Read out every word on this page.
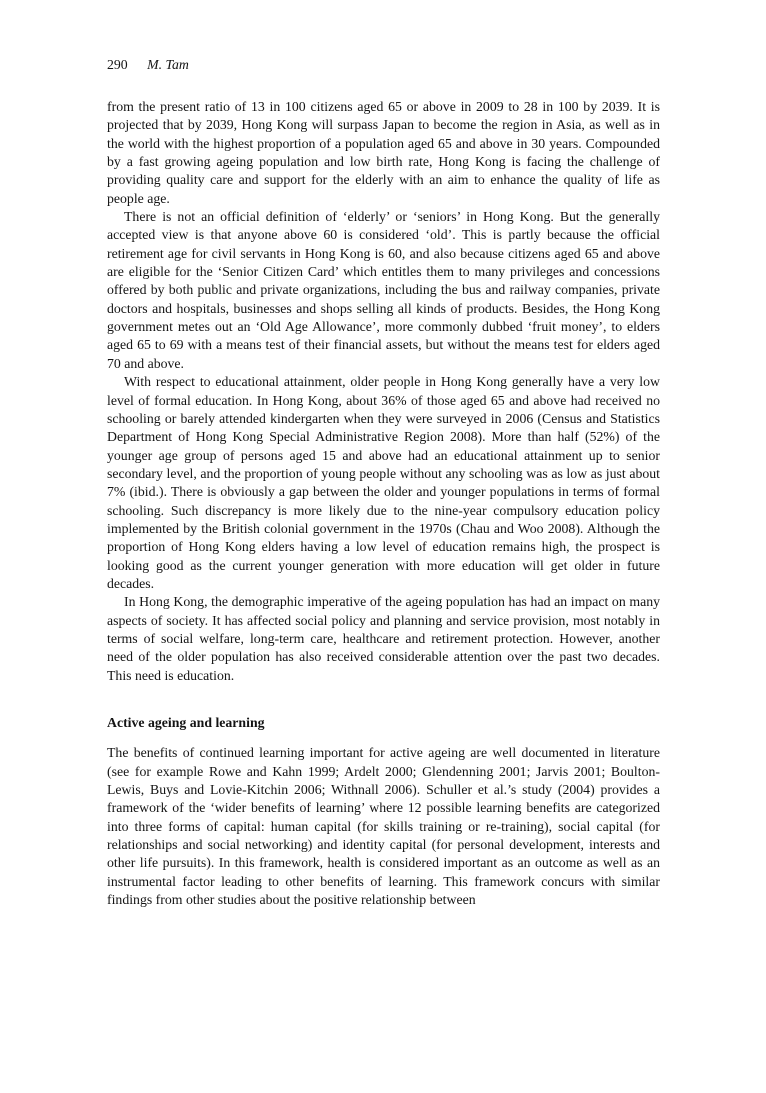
290 M. Tam

from the present ratio of 13 in 100 citizens aged 65 or above in 2009 to 28 in 100 by 2039. It is projected that by 2039, Hong Kong will surpass Japan to become the region in Asia, as well as in the world with the highest proportion of a population aged 65 and above in 30 years. Compounded by a fast growing ageing population and low birth rate, Hong Kong is facing the challenge of providing quality care and support for the elderly with an aim to enhance the quality of life as people age.

There is not an official definition of ‘elderly’ or ‘seniors’ in Hong Kong. But the generally accepted view is that anyone above 60 is considered ‘old’. This is partly because the official retirement age for civil servants in Hong Kong is 60, and also because citizens aged 65 and above are eligible for the ‘Senior Citizen Card’ which entitles them to many privileges and concessions offered by both public and private organizations, including the bus and railway companies, private doctors and hospitals, businesses and shops selling all kinds of products. Besides, the Hong Kong government metes out an ‘Old Age Allowance’, more commonly dubbed ‘fruit money’, to elders aged 65 to 69 with a means test of their financial assets, but without the means test for elders aged 70 and above.

With respect to educational attainment, older people in Hong Kong generally have a very low level of formal education. In Hong Kong, about 36% of those aged 65 and above had received no schooling or barely attended kindergarten when they were surveyed in 2006 (Census and Statistics Department of Hong Kong Special Administrative Region 2008). More than half (52%) of the younger age group of persons aged 15 and above had an educational attainment up to senior secondary level, and the proportion of young people without any schooling was as low as just about 7% (ibid.). There is obviously a gap between the older and younger populations in terms of formal schooling. Such discrepancy is more likely due to the nine-year compulsory education policy implemented by the British colonial government in the 1970s (Chau and Woo 2008). Although the proportion of Hong Kong elders having a low level of education remains high, the prospect is looking good as the current younger generation with more education will get older in future decades.

In Hong Kong, the demographic imperative of the ageing population has had an impact on many aspects of society. It has affected social policy and planning and service provision, most notably in terms of social welfare, long-term care, healthcare and retirement protection. However, another need of the older population has also received considerable attention over the past two decades. This need is education.

Active ageing and learning

The benefits of continued learning important for active ageing are well documented in literature (see for example Rowe and Kahn 1999; Ardelt 2000; Glendenning 2001; Jarvis 2001; Boulton-Lewis, Buys and Lovie-Kitchin 2006; Withnall 2006). Schuller et al.’s study (2004) provides a framework of the ‘wider benefits of learning’ where 12 possible learning benefits are categorized into three forms of capital: human capital (for skills training or re-training), social capital (for relationships and social networking) and identity capital (for personal development, interests and other life pursuits). In this framework, health is considered important as an outcome as well as an instrumental factor leading to other benefits of learning. This framework concurs with similar findings from other studies about the positive relationship between
